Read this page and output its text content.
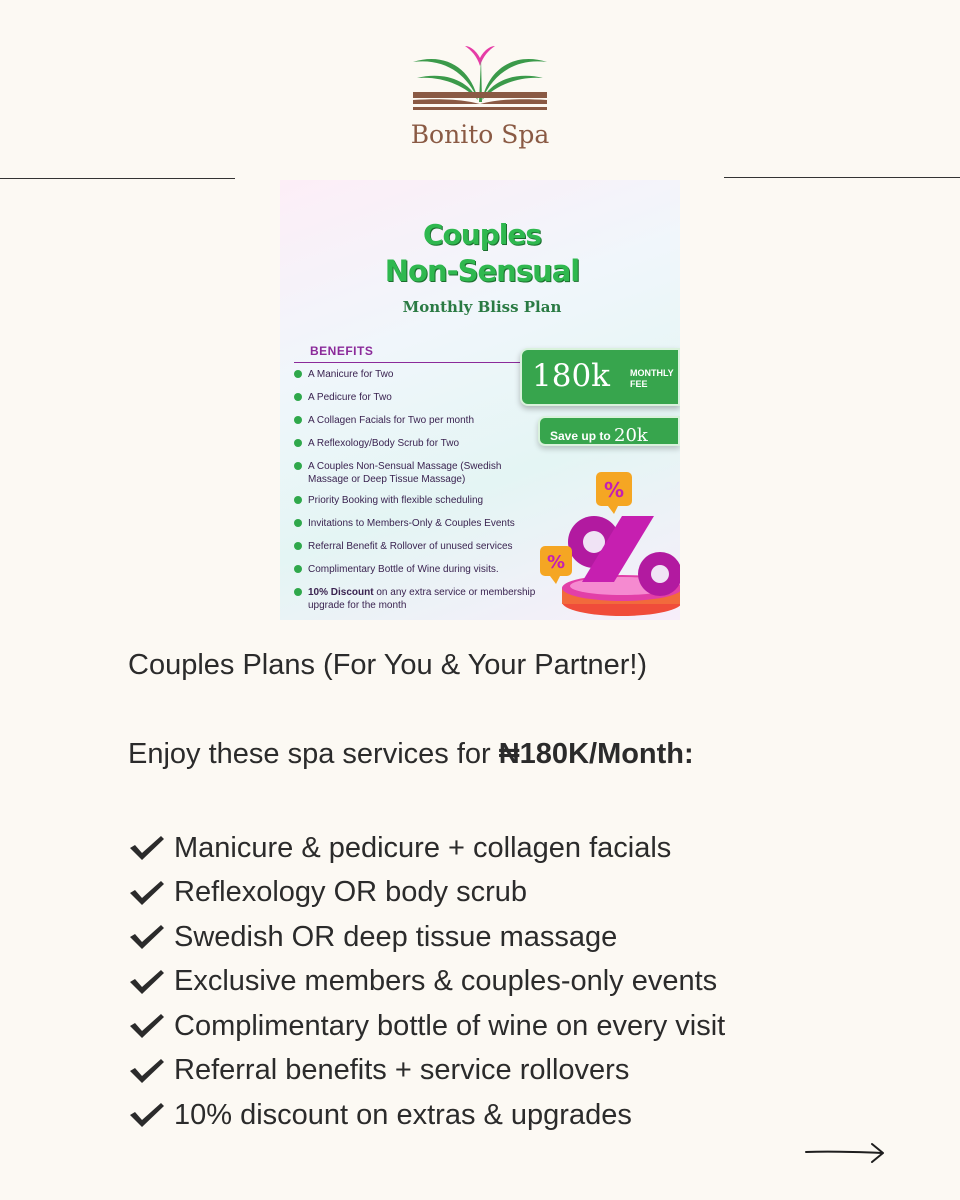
Bonito Spa
Couples
Non-Sensual
Monthly Bliss Plan
BENEFITS
A Manicure for Two
A Pedicure for Two
A Collagen Facials for Two per month
A Reflexology/Body Scrub for Two
A Couples Non-Sensual Massage (Swedish Massage or Deep Tissue Massage)
Priority Booking with flexible scheduling
Invitations to Members-Only & Couples Events
Referral Benefit & Rollover of unused services
Complimentary Bottle of Wine during visits.
10% Discount on any extra service or membership upgrade for the month
180k MONTHLY
FEE
Save up to 20k
%
%
Couples Plans (For You & Your Partner!)
Enjoy these spa services for ₦180K/Month:
Manicure & pedicure + collagen facials
Reflexology OR body scrub
Swedish OR deep tissue massage
Exclusive members & couples-only events
Complimentary bottle of wine on every visit
Referral benefits + service rollovers
10% discount on extras & upgrades
